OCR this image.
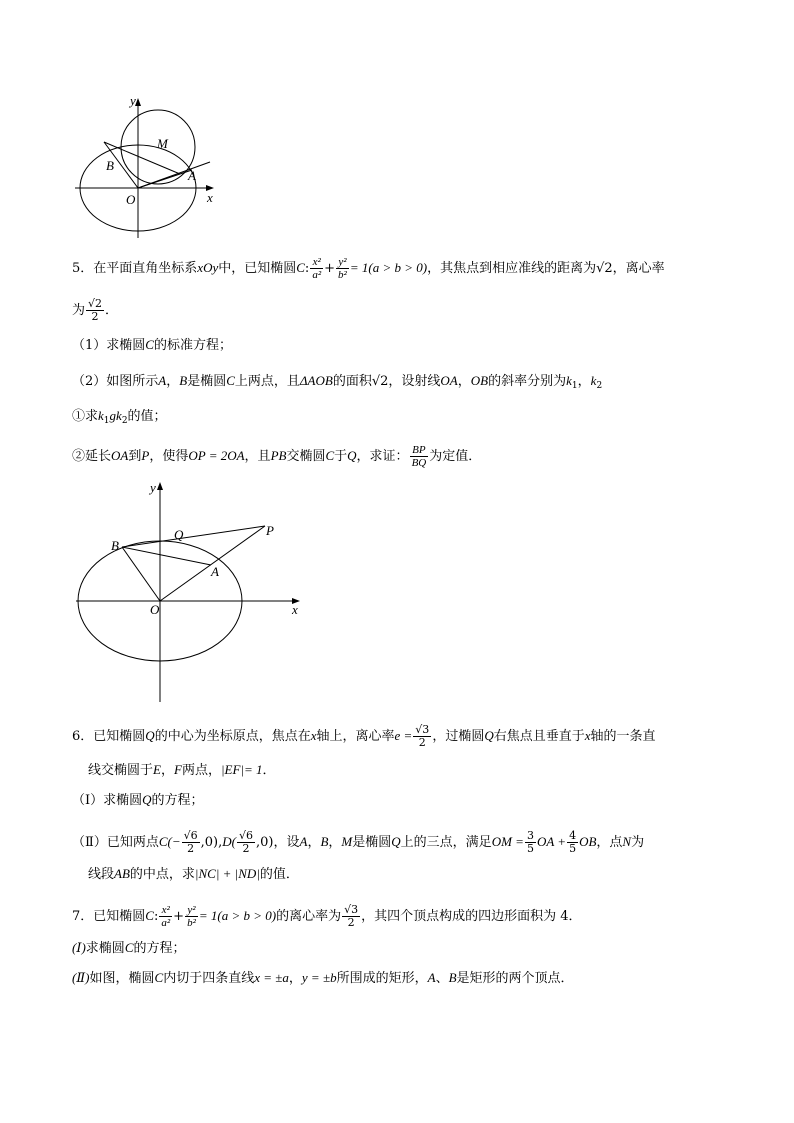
y
x
O
M
B
A
5．在平面直角坐标系xOy中，已知椭圆C: $\frac{\text{x²}}{\text{a²}} + \frac{\text{y²}}{\text{b²}} = 1(a > b > 0)$，其焦点到相应准线的距离为√2，离心率
为 $\frac{√2}{2}$ ．
（1）求椭圆C的标准方程；
（2）如图所示A，B是椭圆C上两点，且ΔAOB的面积√2，设射线OA，OB的斜率分别为$k_1$，$k_2$
①求$k_1gk_2$的值；
②延长OA到P，使得OP = 2OA，且PB交椭圆C于Q，求证： $\frac{BP}{BQ}$ 为定值．
y
x
O
Q	P
B
A
6．已知椭圆Q的中心为坐标原点，焦点在x轴上，离心率$e = \frac{√3}{2}$ ，过椭圆Q右焦点且垂直于x轴的一条直
线交椭圆于E，F两点，|EF|= 1．
（Ⅰ）求椭圆Q的方程；
（Ⅱ）已知两点$C(- \frac{√6}{2} ,0),D( \frac{√6}{2} ,0)$，设A，B，M是椭圆Q上的三点，满足OM = $\frac{3}{5}$ OA + $\frac{4}{5}$ OB，点N为
线段AB的中点，求|NC| + |ND|的值．
7．已知椭圆C: $\frac{\text{x²}}{\text{a²}} + \frac{\text{y²}}{\text{b²}} = 1(a > b > 0)$的离心率为 $\frac{√3}{2}$ ，其四个顶点构成的四边形面积为 4．
(Ⅰ)求椭圆C的方程；
(Ⅱ)如图，椭圆C内切于四条直线x = ±a，y = ±b所围成的矩形，A、B是矩形的两个顶点．
